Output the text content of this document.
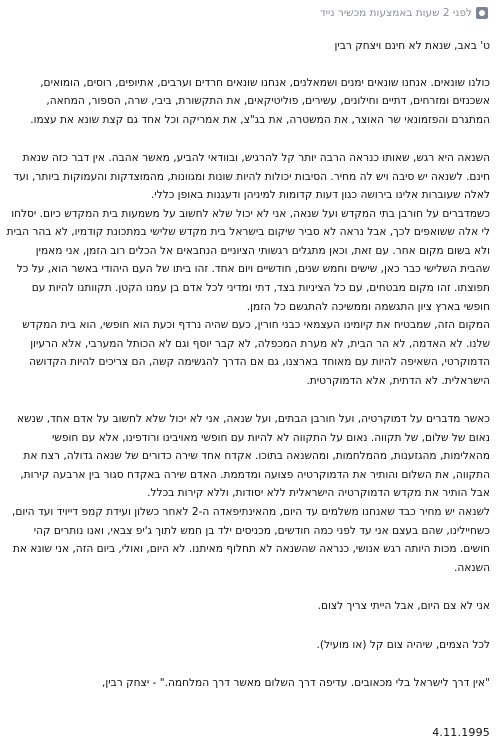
לפני 2 שעות באמצעות מכשיר נייד

ט' באב, שנאת לא חינם ויצחק רבין

כולנו שונאים. אנחנו שונאים ימנים ושמאלנים, אנחנו שונאים חרדים וערבים, אתיופים, רוסים, הומואים, אשכנזים ומזרחים, דתיים וחילונים, עשירים, פוליטיקאים, את התקשורת, ביבי, שרה, הספור, המחאה, המתגרם והפזמונאי שר האוצר, את המשטרה, את בג"צ, את אמריקה וכל אחד גם קצת שונא את עצמו.

השנאה היא רגש, שאותו כנראה הרבה יותר קל להרגיש, ובוודאי להביע, מאשר אהבה. אין דבר כזה שנאת חינם. לשנאה יש סיבה ויש לה מחיר. הסיבות יכולות להיות שונות ומגוונות, מהמוצדקות והעמוקות ביותר, ועד לאלה שעוברות אלינו בירושה כגון דעות קדומות למיניהן ודעגנות באופן כללי.

כשמדברים על חורבן בתי המקדש ועל שנאה, אני לא יכול שלא לחשוב על משמעות בית המקדש כיום. יסלחו לי אלה ששואפים לכך, אבל נראה לא סביר שיקום בישראל בית מקדש שלישי במתכונת קודמיו, לא בהר הבית ולא בשום מקום אחר. עם זאת, וכאן מתגלים רגשותי הציוניים הנחבאים אל הכלים רוב הזמן, אני מאמין שהבית השלישי כבר כאן, שישים וחמש שנים, חודשיים ויום אחד. זהו ביתו של העם היהודי באשר הוא, על כל תפוצתו. זהו מקום מבטחים, עם כל הציניות בצד, דתי ומדיני לכל אדם בן עמנו הקטן. תקוותנו להיות עם חופשי בארץ ציון התגשמה וממשיכה להתגשם כל הזמן.

המקום הזה, שמבטיח את קיומינו העצמאי כבני חורין, כעם שהיה נרדף וכעת הוא חופשי, הוא בית המקדש שלנו. לא האדמה, לא הר הבית, לא מערת המכפלה, לא קבר יוסף וגם לא הכותל המערבי, אלא הרעיון הדמוקרטי, השאיפה להיות עם מאוחד בארצנו, גם אם הדרך להגשימה קשה, הם צריכים להיות הקדושה הישראלית. לא הדתית, אלא הדמוקרטית.

כאשר מדברים על דמוקרטיה, ועל חורבן הבתים, ועל שנאה, אני לא יכול שלא לחשוב על אדם אחד, שנשא נאום של שלום, של תקווה. נאום על התקווה לא להיות עם חופשי מאויבינו ורודפינו, אלא עם חופשי מהאלימות, מהגזענות, מהמלחמות, ומהשנאה בתוכו. אקדח אחד שירה כדורים של שנאה גדולה, רצח את התקווה, את השלום והותיר את הדמוקרטיה פצועה ומדממת. האדם שירה באקדח סגור בין ארבעה קירות, אבל הותיר את מקדש הדמוקרטיה הישראלית ללא יסודות, וללא קירות בכלל.

לשנאה יש מחיר כבד שאנחנו משלמים עד היום, מהאינתיפאדה ה-2 לאחר כשלון ועידת קמפ דייויד ועד היום, כשחיילינו, שהם בעצם אני עד לפני כמה חודשים, מכניסים ילד בן חמש לתוך ג'יפ צבאי, ואנו נותרים קהי חושים. מכות היותה רגש אנושי, כנראה שהשנאה לא תחלוף מאיתנו. לא היום, ואולי, ביום הזה, אני שונא את השנאה.

אני לא צם היום, אבל הייתי צריך לצום.

לכל הצמים, שיהיה צום קל (או מועיל).

"אין דרך לישראל בלי מכאובים. עדיפה דרך השלום מאשר דרך המלחמה." - יצחק רבין,

4.11.1995
